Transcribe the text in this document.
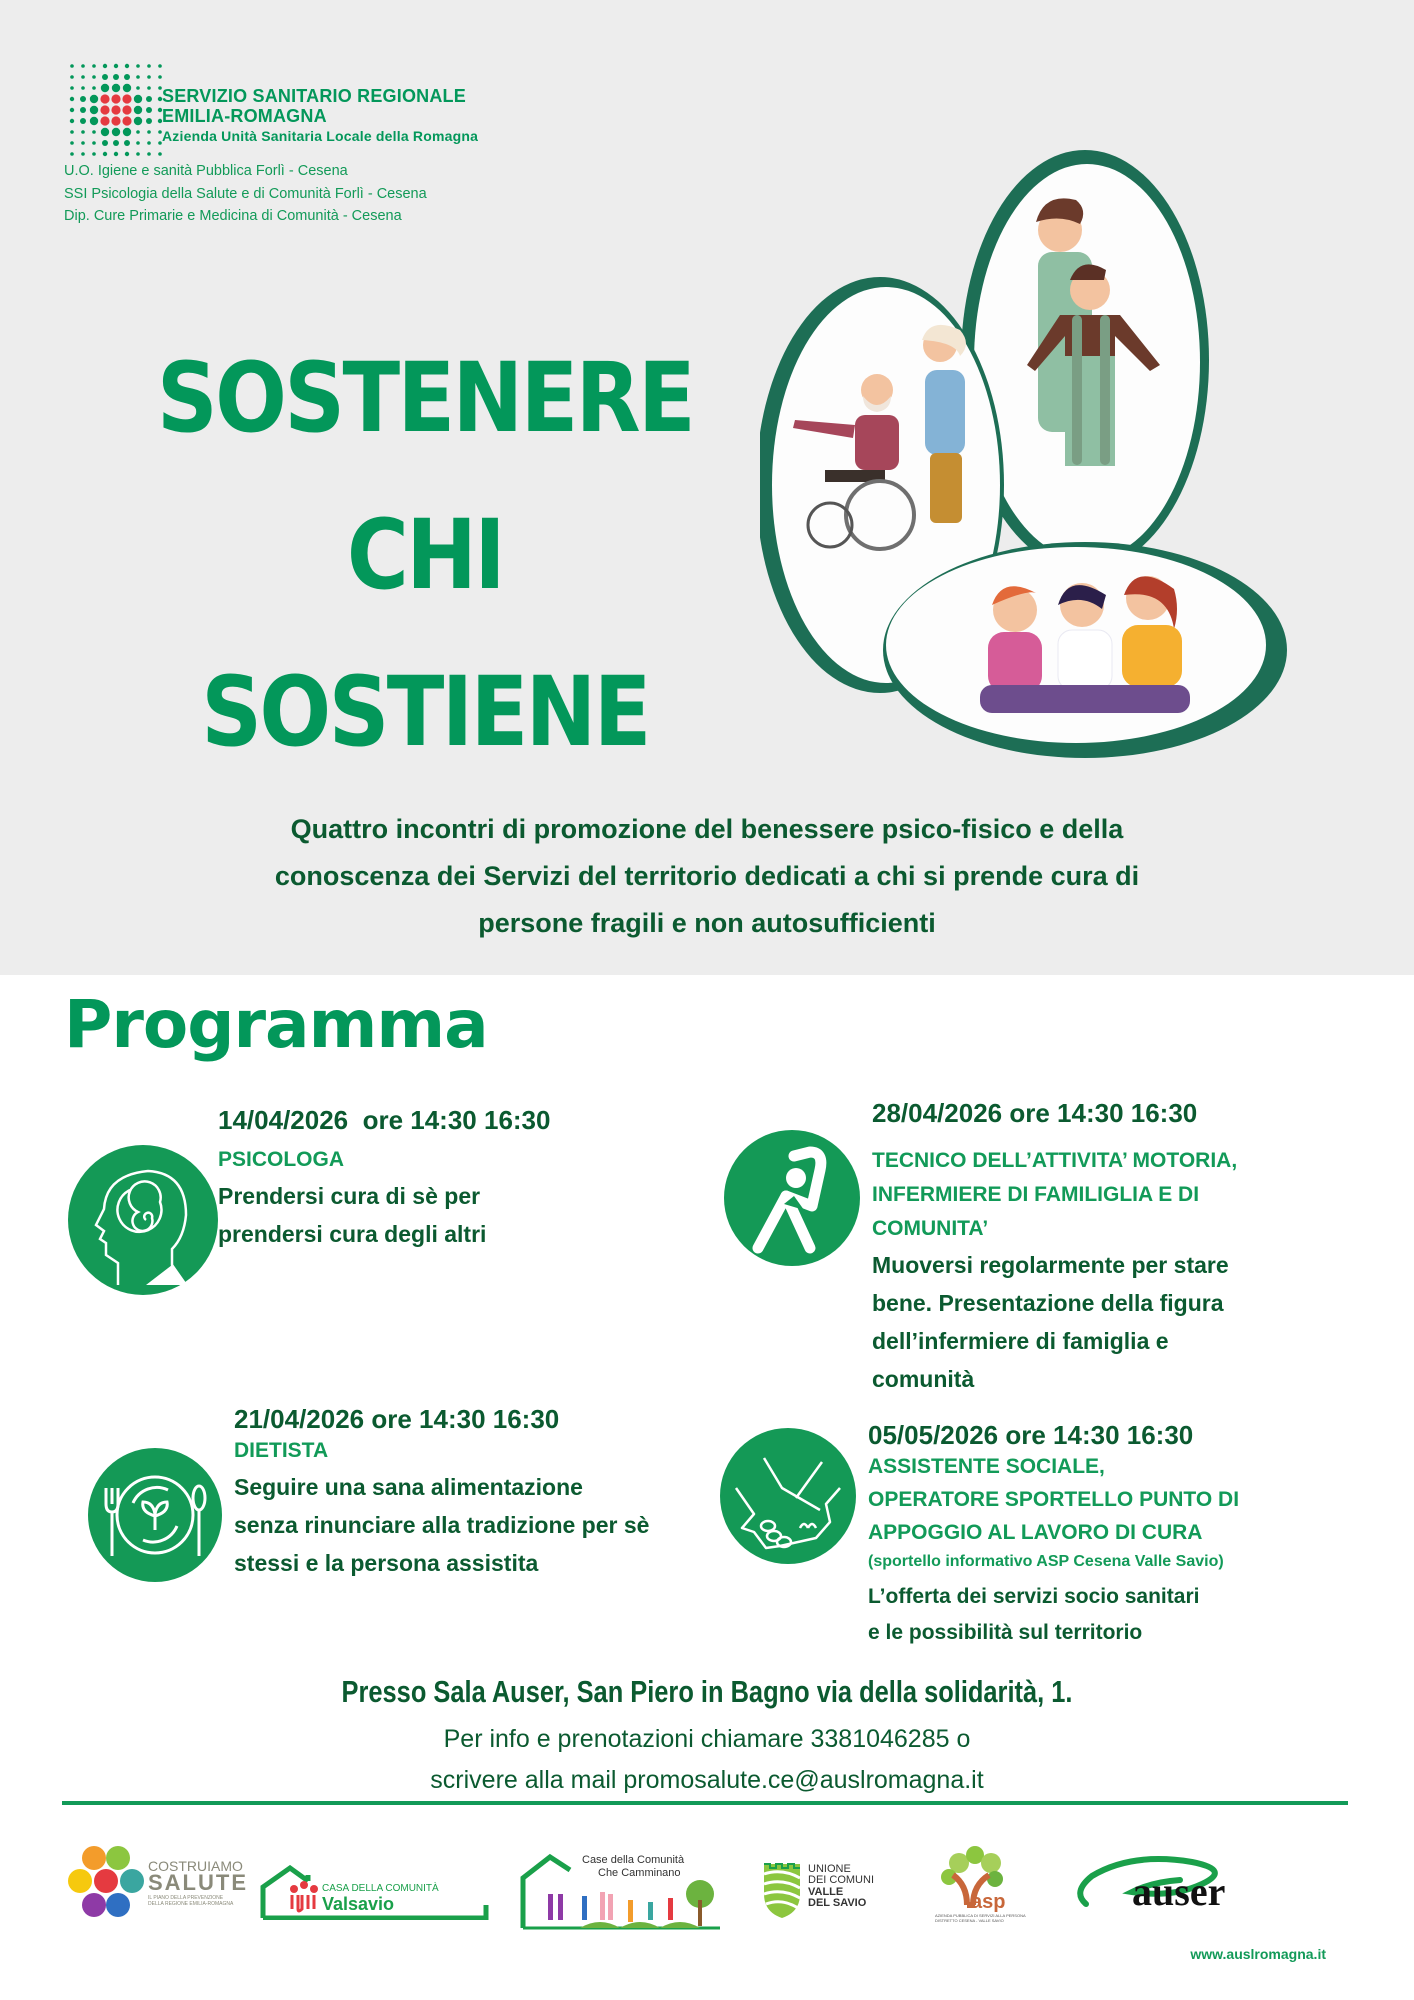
SERVIZIO SANITARIO REGIONALE
EMILIA-ROMAGNA
Azienda Unità Sanitaria Locale della Romagna
U.O. Igiene e sanità Pubblica Forlì - Cesena
SSI Psicologia della Salute e di Comunità Forlì - Cesena
Dip. Cure Primarie e Medicina di Comunità - Cesena
SOSTENERE
CHI
SOSTIENE
Quattro incontri di promozione del benessere psico-fisico e della
conoscenza dei Servizi del territorio dedicati a chi si prende cura di
persone fragili e non autosufficienti
Programma
14/04/2026  ore 14:30 16:30
PSICOLOGA
Prendersi cura di sè per
prendersi cura degli altri
28/04/2026 ore 14:30 16:30
TECNICO DELL’ATTIVITA’ MOTORIA,
INFERMIERE DI FAMILIGLIA E DI
COMUNITA’
Muoversi regolarmente per stare
bene. Presentazione della figura
dell’infermiere di famiglia e
comunità
21/04/2026 ore 14:30 16:30
DIETISTA
Seguire una sana alimentazione
senza rinunciare alla tradizione per sè
stessi e la persona assistita
05/05/2026 ore 14:30 16:30
ASSISTENTE SOCIALE,
OPERATORE SPORTELLO PUNTO DI
APPOGGIO AL LAVORO DI CURA
(sportello informativo ASP Cesena Valle Savio)
L’offerta dei servizi socio sanitari
e le possibilità sul territorio
Presso Sala Auser, San Piero in Bagno via della solidarità, 1.
Per info e prenotazioni chiamare 3381046285 o
scrivere alla mail promosalute.ce@auslromagna.it
COSTRUIAMO
SALUTE
IL PIANO DELLA PREVENZIONE
DELLA REGIONE EMILIA-ROMAGNA
CASA DELLA COMUNITÀ
Valsavio
Case della Comunità
Che Camminano	UNIONE
DEI COMUNI
VALLE
DEL SAVIO	asp
AZIENDA PUBBLICA DI SERVIZI ALLA PERSONA
DISTRETTO CESENA - VALLE SAVIO
auser
www.auslromagna.it
